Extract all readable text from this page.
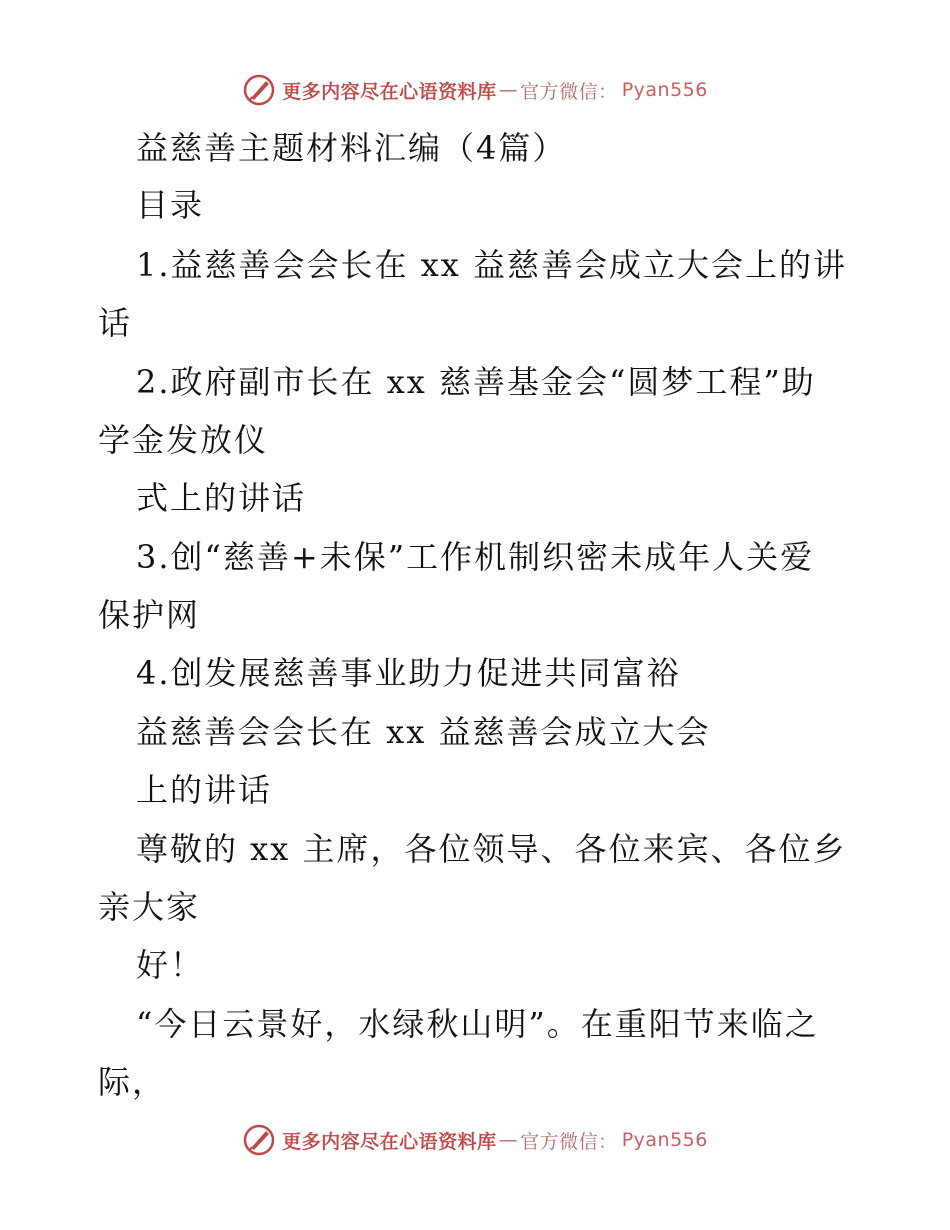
更多内容尽在心语资料库 — 官方微信： Pyan556
益慈善主题材料汇编（4篇）
目录
1.益慈善会会长在 xx 益慈善会成立大会上的讲
话
2.政府副市长在 xx 慈善基金会“圆梦工程”助
学金发放仪
式上的讲话
3.创“慈善+未保”工作机制织密未成年人关爱
保护网
4.创发展慈善事业助力促进共同富裕
益慈善会会长在 xx 益慈善会成立大会
上的讲话
尊敬的 xx 主席，各位领导、各位来宾、各位乡
亲大家
好！
“今日云景好，水绿秋山明”。在重阳节来临之
际，
更多内容尽在心语资料库 — 官方微信： Pyan556
